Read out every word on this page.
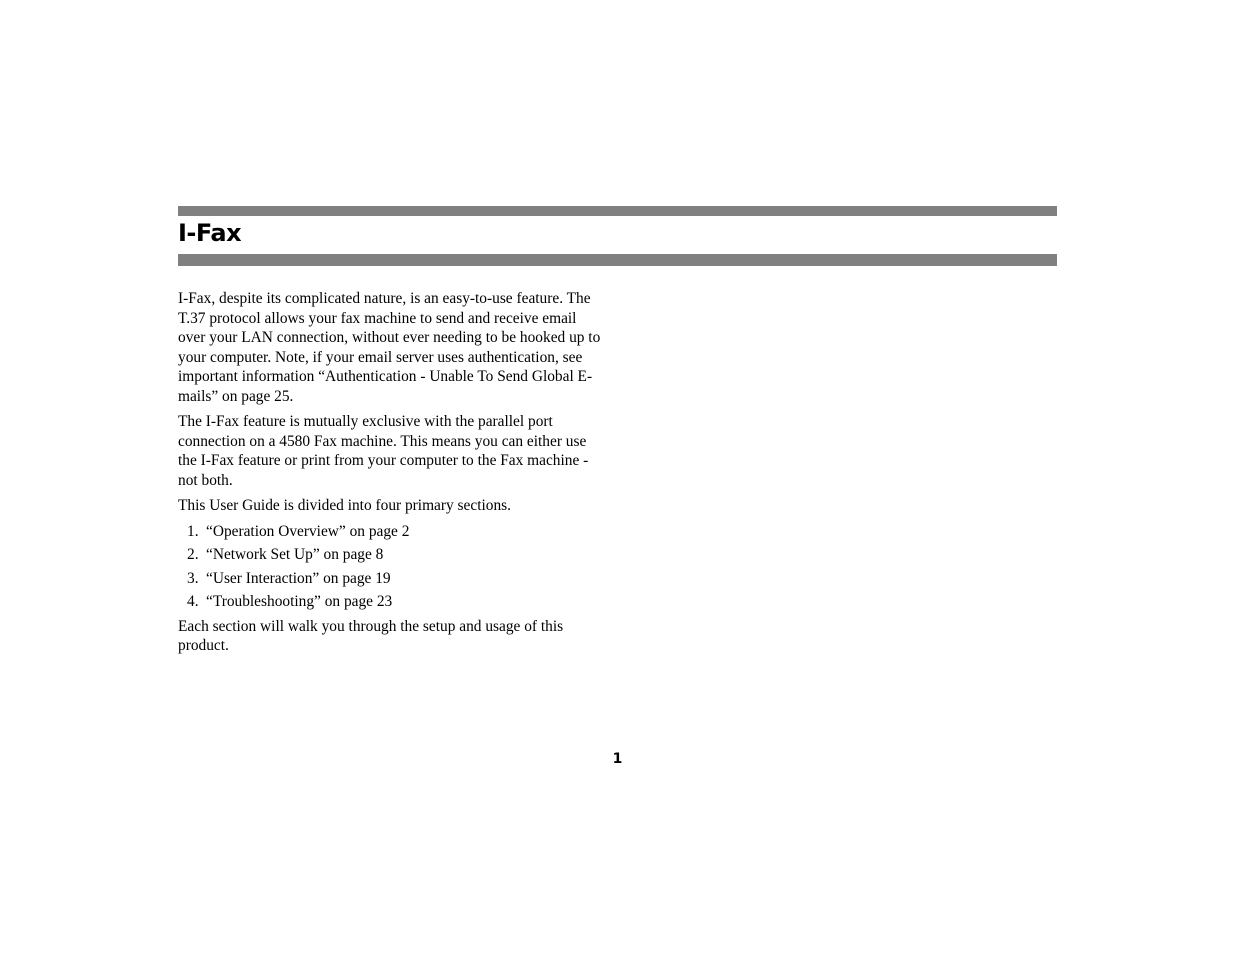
I-Fax

I-Fax, despite its complicated nature, is an easy-to-use feature. The T.37 protocol allows your fax machine to send and receive email over your LAN connection, without ever needing to be hooked up to your computer. Note, if your email server uses authentication, see important information “Authentication - Unable To Send Global E-mails” on page 25.

The I-Fax feature is mutually exclusive with the parallel port connection on a 4580 Fax machine. This means you can either use the I-Fax feature or print from your computer to the Fax machine - not both.

This User Guide is divided into four primary sections.

1. “Operation Overview” on page 2
2. “Network Set Up” on page 8
3. “User Interaction” on page 19
4. “Troubleshooting” on page 23

Each section will walk you through the setup and usage of this product.

1
